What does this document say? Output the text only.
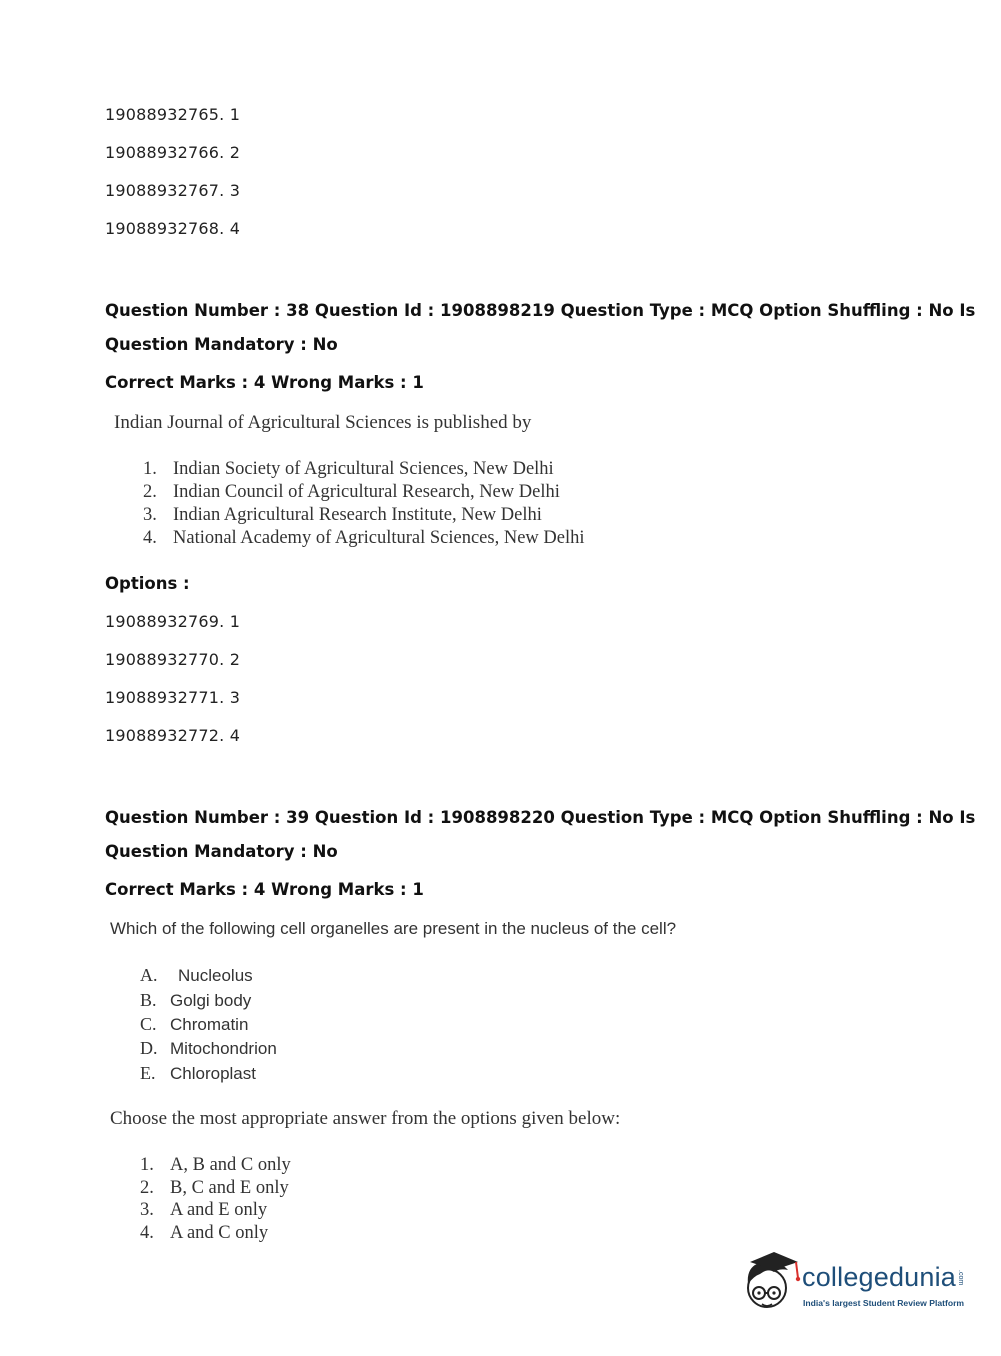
19088932765. 1
19088932766. 2
19088932767. 3
19088932768. 4
Question Number : 38 Question Id : 1908898219 Question Type : MCQ Option Shuffling : No Is
Question Mandatory : No
Correct Marks : 4 Wrong Marks : 1
Indian Journal of Agricultural Sciences is published by
1. Indian Society of Agricultural Sciences, New Delhi
2. Indian Council of Agricultural Research, New Delhi
3. Indian Agricultural Research Institute, New Delhi
4. National Academy of Agricultural Sciences, New Delhi
Options :
19088932769. 1
19088932770. 2
19088932771. 3
19088932772. 4
Question Number : 39 Question Id : 1908898220 Question Type : MCQ Option Shuffling : No Is
Question Mandatory : No
Correct Marks : 4 Wrong Marks : 1
Which of the following cell organelles are present in the nucleus of the cell?
A. Nucleolus
B. Golgi body
C. Chromatin
D. Mitochondrion
E. Chloroplast
Choose the most appropriate answer from the options given below:
1. A, B and C only
2. B, C and E only
3. A and E only
4. A and C only
collegedunia .com
India's largest Student Review Platform
